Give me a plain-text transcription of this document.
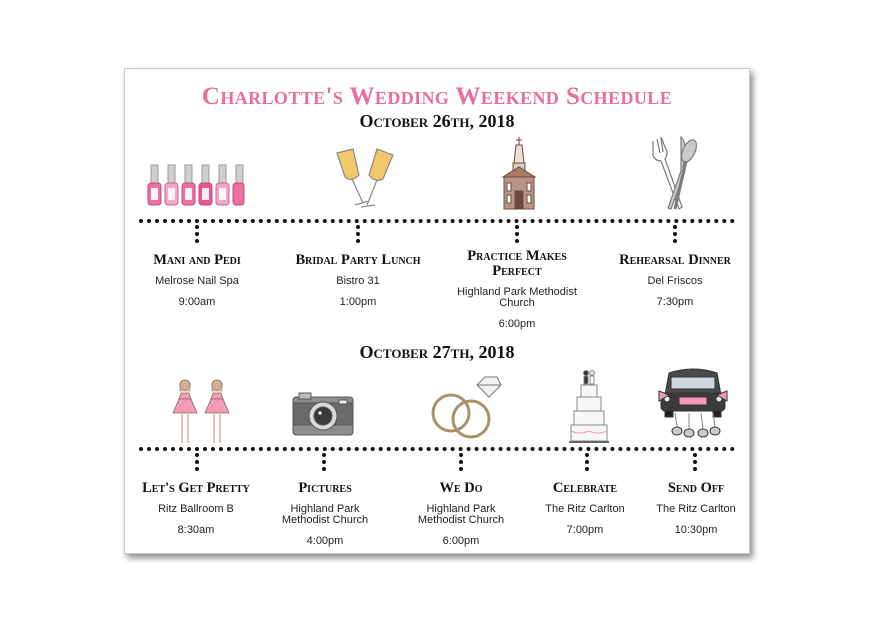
Charlotte's Wedding Weekend Schedule
October 26th, 2018
Mani and Pedi
Melrose Nail Spa
9:00am
Bridal Party Lunch
Bistro 31
1:00pm
Practice Makes Perfect
Highland Park Methodist Church
6:00pm
Rehearsal Dinner
Del Friscos
7:30pm
October 27th, 2018
Let's Get Pretty
Ritz Ballroom B
8:30am
Pictures
Highland Park Methodist Church
4:00pm
We Do
Highland Park Methodist Church
6:00pm
Celebrate
The Ritz Carlton
7:00pm
Send Off
The Ritz Carlton
10:30pm
